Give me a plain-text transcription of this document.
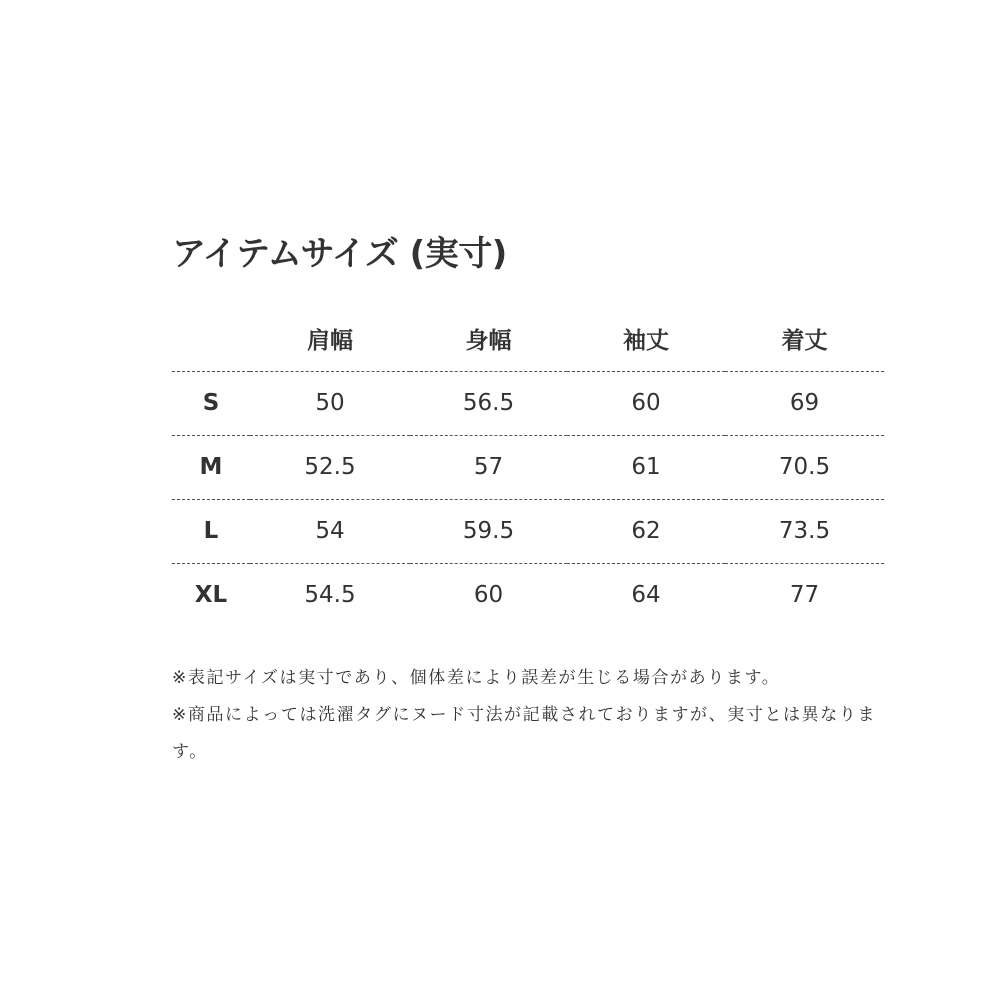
アイテムサイズ (実寸)
	肩幅	身幅	袖丈	着丈
S	50	56.5	60	69
M	52.5	57	61	70.5
L	54	59.5	62	73.5
XL	54.5	60	64	77

※表記サイズは実寸であり、個体差により誤差が生じる場合があります。

※商品によっては洗濯タグにヌード寸法が記載されておりますが、実寸とは異なります。
